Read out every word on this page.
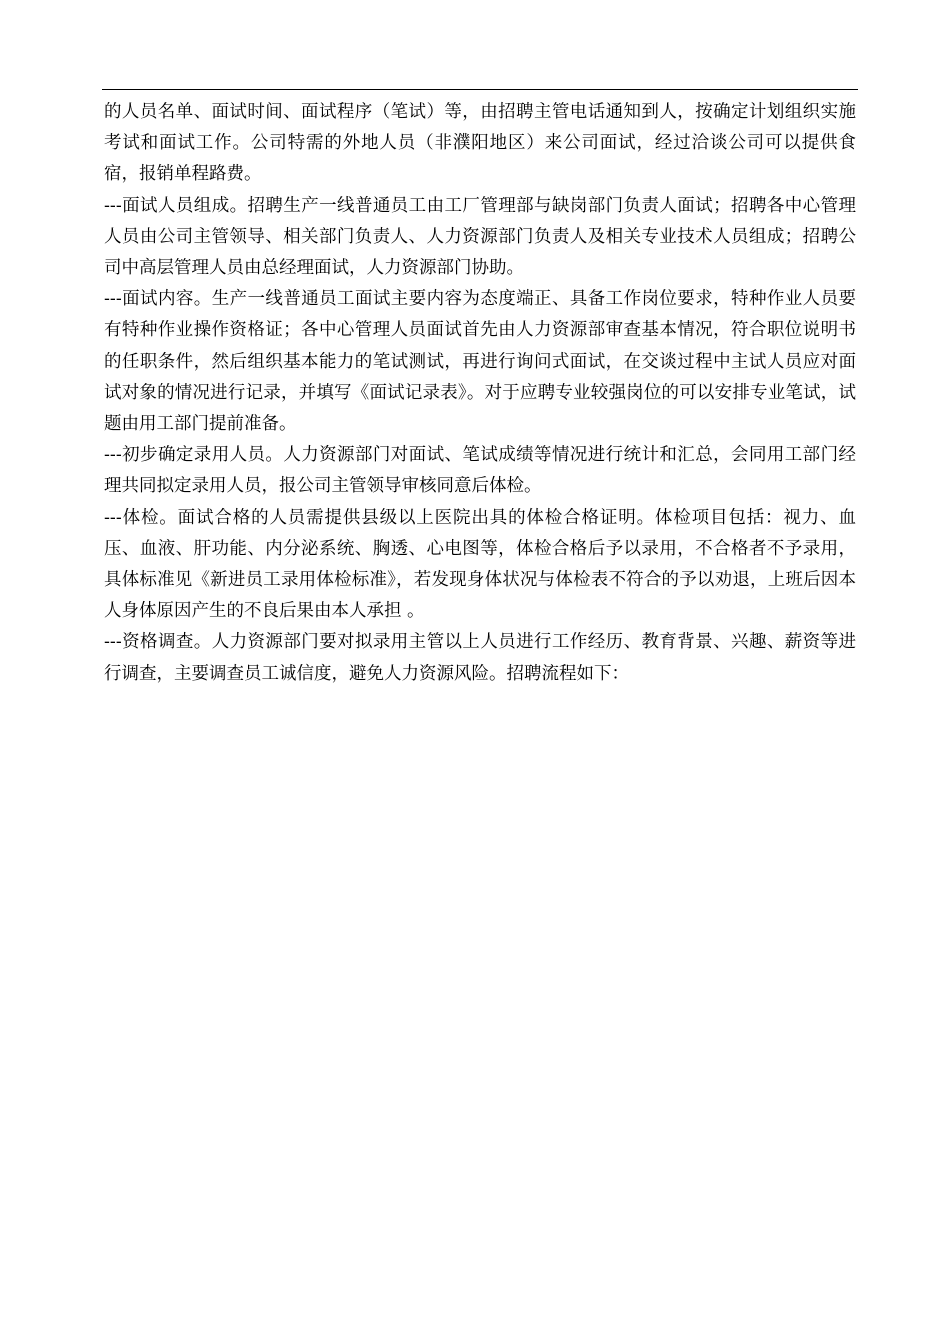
的人员名单、面试时间、面试程序（笔试）等，由招聘主管电话通知到人，按确定计划组织实施考试和面试工作。公司特需的外地人员（非濮阳地区）来公司面试，经过洽谈公司可以提供食宿，报销单程路费。

---面试人员组成。招聘生产一线普通员工由工厂管理部与缺岗部门负责人面试；招聘各中心管理人员由公司主管领导、相关部门负责人、人力资源部门负责人及相关专业技术人员组成；招聘公司中高层管理人员由总经理面试，人力资源部门协助。

---面试内容。生产一线普通员工面试主要内容为态度端正、具备工作岗位要求，特种作业人员要有特种作业操作资格证；各中心管理人员面试首先由人力资源部审查基本情况，符合职位说明书的任职条件，然后组织基本能力的笔试测试，再进行询问式面试，在交谈过程中主试人员应对面试对象的情况进行记录，并填写《面试记录表》。对于应聘专业较强岗位的可以安排专业笔试，试题由用工部门提前准备。

---初步确定录用人员。人力资源部门对面试、笔试成绩等情况进行统计和汇总，会同用工部门经理共同拟定录用人员，报公司主管领导审核同意后体检。

---体检。面试合格的人员需提供县级以上医院出具的体检合格证明。体检项目包括：视力、血压、血液、肝功能、内分泌系统、胸透、心电图等，体检合格后予以录用，不合格者不予录用，具体标准见《新进员工录用体检标准》，若发现身体状况与体检表不符合的予以劝退，上班后因本人身体原因产生的不良后果由本人承担 。

---资格调查。人力资源部门要对拟录用主管以上人员进行工作经历、教育背景、兴趣、薪资等进行调查，主要调查员工诚信度，避免人力资源风险。招聘流程如下：
